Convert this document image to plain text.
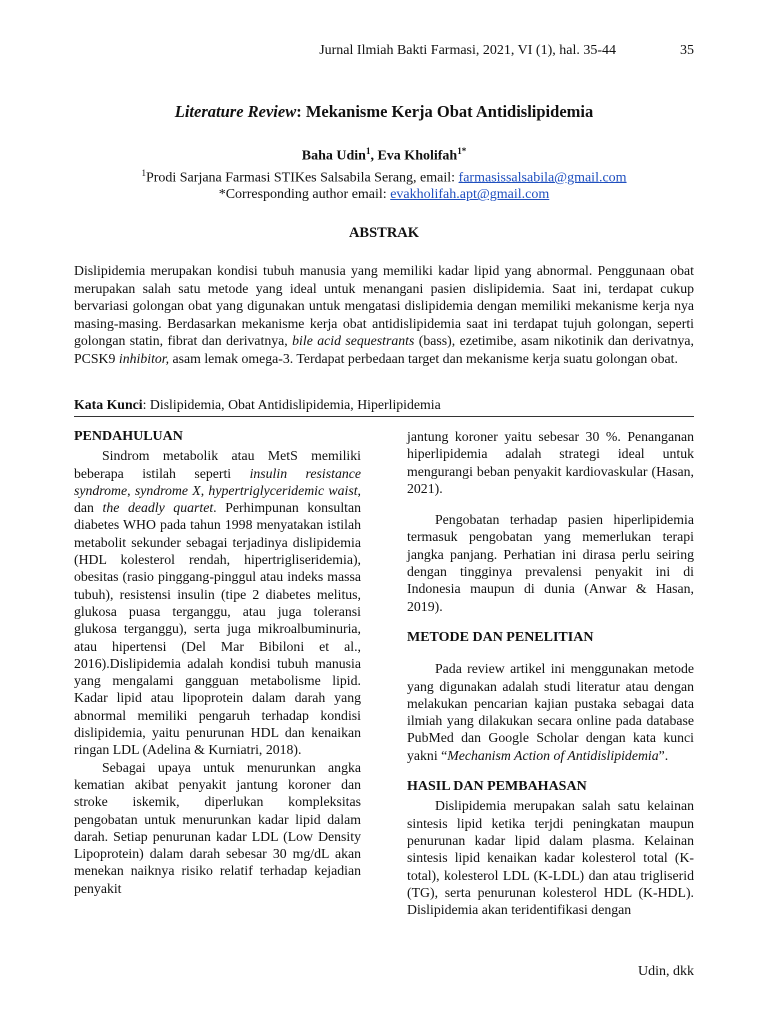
Jurnal Ilmiah Bakti Farmasi, 2021, VI (1), hal. 35-44	35

Literature Review: Mekanisme Kerja Obat Antidislipidemia

Baha Udin$^1$, Eva Kholifah$^{1*}$
$^1$Prodi Sarjana Farmasi STIKes Salsabila Serang, email: farmasissalsabila@gmail.com
*Corresponding author email: evakholifah.apt@gmail.com
ABSTRAK
Dislipidemia merupakan kondisi tubuh manusia yang memiliki kadar lipid yang abnormal. Penggunaan obat merupakan salah satu metode yang ideal untuk menangani pasien dislipidemia. Saat ini, terdapat cukup bervariasi golongan obat yang digunakan untuk mengatasi dislipidemia dengan memiliki mekanisme kerja nya masing-masing. Berdasarkan mekanisme kerja obat antidislipidemia saat ini terdapat tujuh golongan, seperti golongan statin, fibrat dan derivatnya, bile acid sequestrants (bass), ezetimibe, asam nikotinik dan derivatnya, PCSK9 inhibitor, asam lemak omega-3. Terdapat perbedaan target dan mekanisme kerja suatu golongan obat.
Kata Kunci: Dislipidemia, Obat Antidislipidemia, Hiperlipidemia
PENDAHULUAN

Sindrom metabolik atau MetS memiliki beberapa istilah seperti insulin resistance syndrome, syndrome X, hypertriglyceridemic waist, dan the deadly quartet. Perhimpunan konsultan diabetes WHO pada tahun 1998 menyatakan istilah metabolit sekunder sebagai terjadinya dislipidemia (HDL kolesterol rendah, hipertrigliseridemia), obesitas (rasio pinggang-pinggul atau indeks massa tubuh), resistensi insulin (tipe 2 diabetes melitus, glukosa puasa terganggu, atau juga toleransi glukosa terganggu), serta juga mikroalbuminuria, atau hipertensi (Del Mar Bibiloni et al., 2016).Dislipidemia adalah kondisi tubuh manusia yang mengalami gangguan metabolisme lipid. Kadar lipid atau lipoprotein dalam darah yang abnormal memiliki pengaruh terhadap kondisi dislipidemia, yaitu penurunan HDL dan kenaikan ringan LDL (Adelina & Kurniatri, 2018).

Sebagai upaya untuk menurunkan angka kematian akibat penyakit jantung koroner dan stroke iskemik, diperlukan kompleksitas pengobatan untuk menurunkan kadar lipid dalam darah. Setiap penurunan kadar LDL (Low Density Lipoprotein) dalam darah sebesar 30 mg/dL akan menekan naiknya risiko relatif terhadap kejadian penyakit

jantung koroner yaitu sebesar 30 %. Penanganan hiperlipidemia adalah strategi ideal untuk mengurangi beban penyakit kardiovaskular (Hasan, 2021).

Pengobatan terhadap pasien hiperlipidemia termasuk pengobatan yang memerlukan terapi jangka panjang. Perhatian ini dirasa perlu seiring dengan tingginya prevalensi penyakit ini di Indonesia maupun di dunia (Anwar & Hasan, 2019).

METODE DAN PENELITIAN

Pada review artikel ini menggunakan metode yang digunakan adalah studi literatur atau dengan melakukan pencarian kajian pustaka sebagai data ilmiah yang dilakukan secara online pada database PubMed dan Google Scholar dengan kata kunci yakni “Mechanism Action of Antidislipidemia”.

HASIL DAN PEMBAHASAN

Dislipidemia merupakan salah satu kelainan sintesis lipid ketika terjdi peningkatan maupun penurunan kadar lipid dalam plasma. Kelainan sintesis lipid kenaikan kadar kolesterol total (K-total), kolesterol LDL (K-LDL) dan atau trigliserid (TG), serta penurunan kolesterol HDL (K-HDL). Dislipidemia akan teridentifikasi dengan

Udin, dkk
